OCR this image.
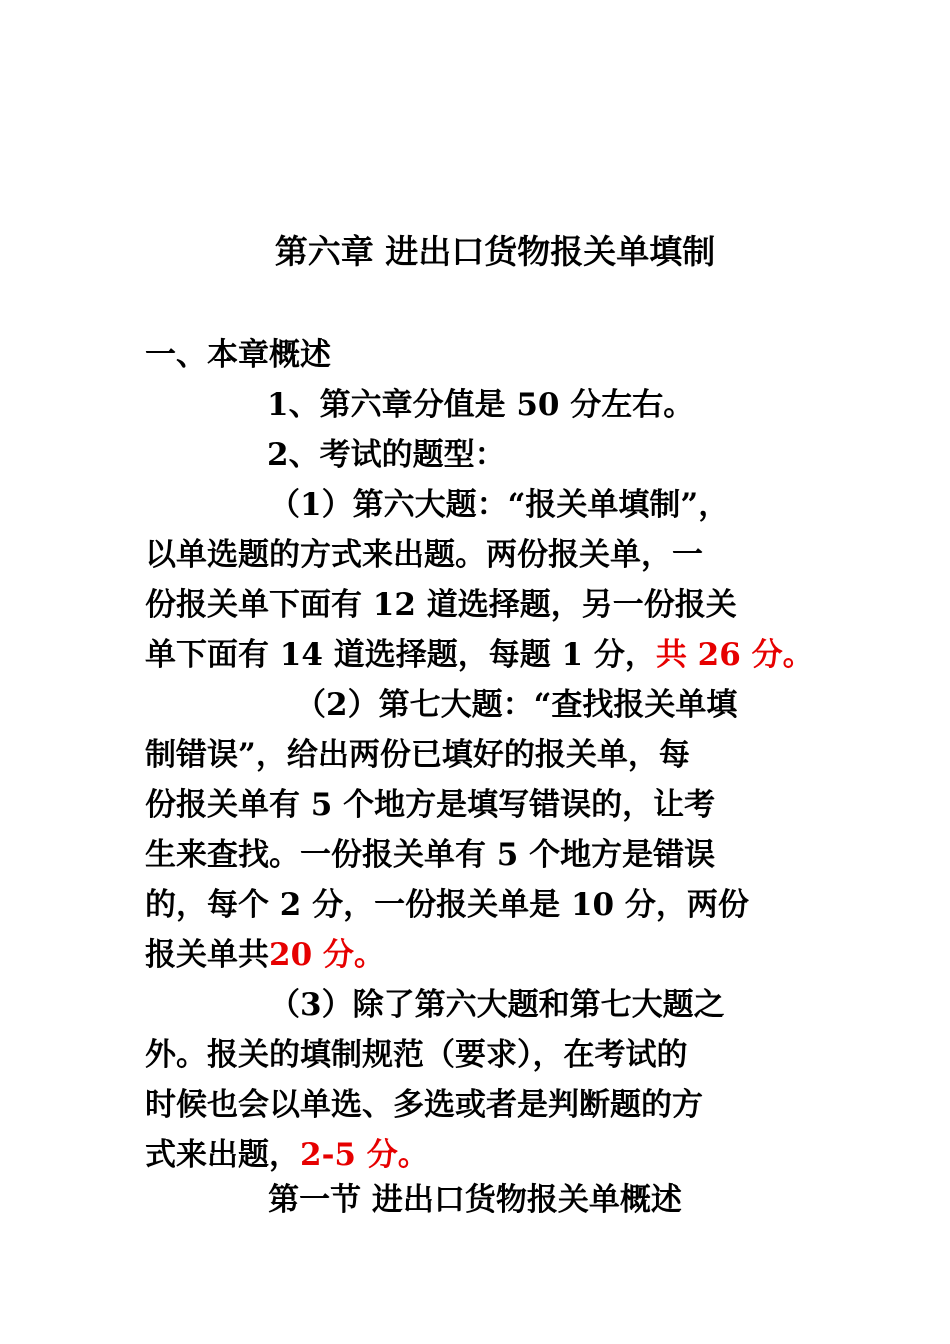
第六章 进出口货物报关单填制
一、本章概述
1、第六章分值是 50 分左右。
2、考试的题型：
（1）第六大题：“报关单填制”，
以单选题的方式来出题。两份报关单，一
份报关单下面有 12 道选择题，另一份报关
单下面有 14 道选择题，每题 1 分，共 26 分。
（2）第七大题：“查找报关单填
制错误”，给出两份已填好的报关单，每
份报关单有 5 个地方是填写错误的，让考
生来查找。一份报关单有 5 个地方是错误
的，每个 2 分，一份报关单是 10 分，两份
报关单共20 分。
（3）除了第六大题和第七大题之
外。报关的填制规范（要求），在考试的
时候也会以单选、多选或者是判断题的方
式来出题，2-5 分。
第一节 进出口货物报关单概述
